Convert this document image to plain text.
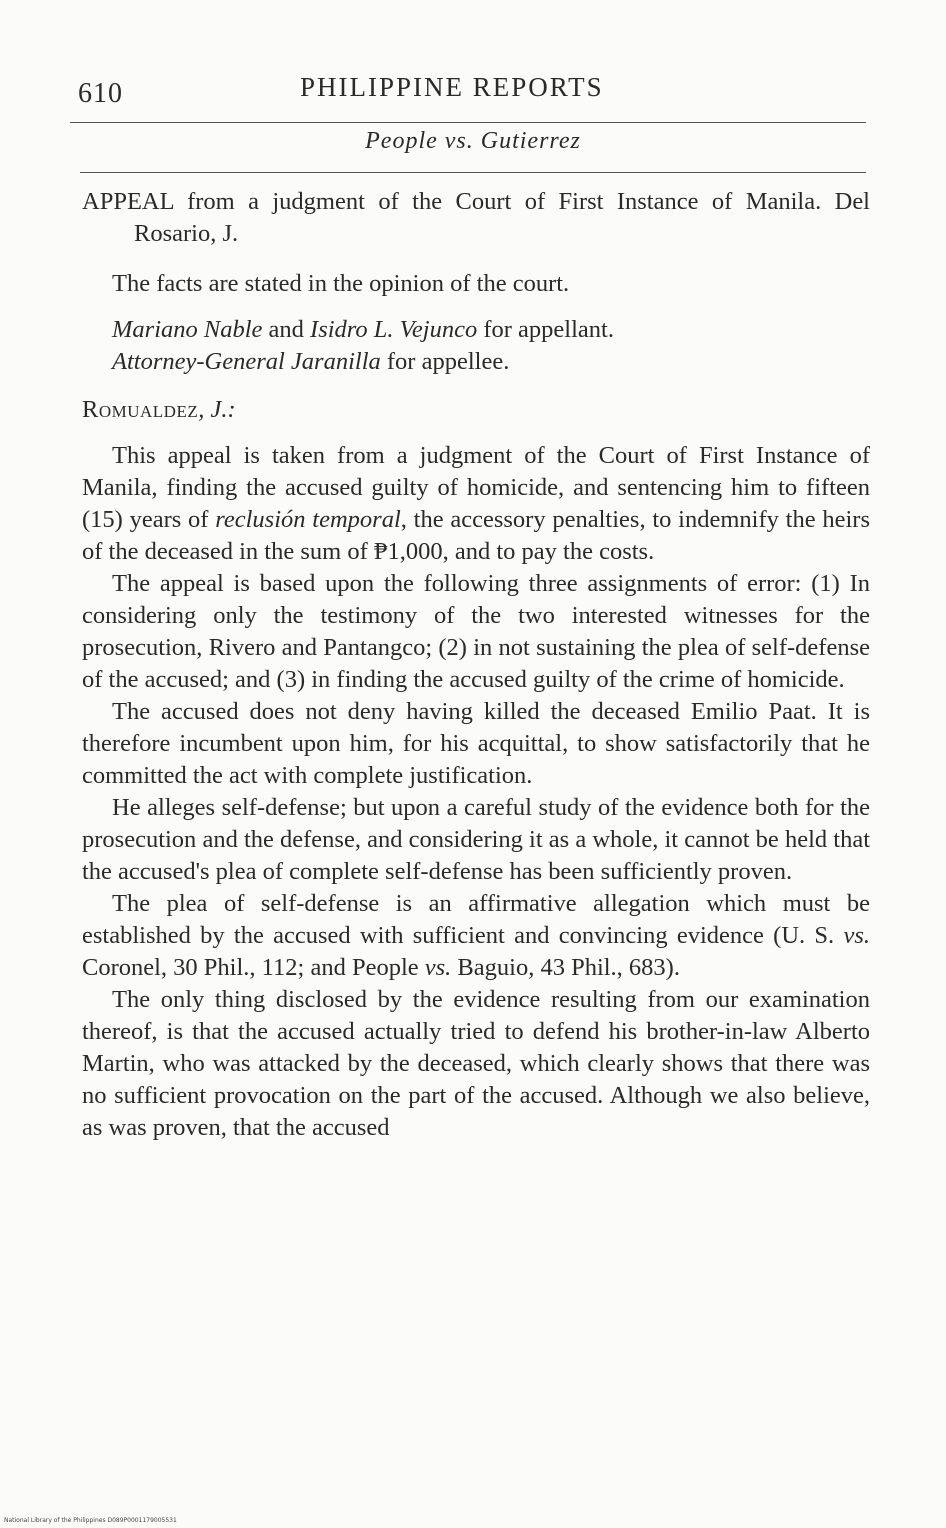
610	PHILIPPINE REPORTS
People vs. Gutierrez

APPEAL from a judgment of the Court of First Instance of Manila. Del Rosario, J.

The facts are stated in the opinion of the court.

Mariano Nable and Isidro L. Vejunco for appellant.

Attorney-General Jaranilla for appellee.

Romualdez, J.:

This appeal is taken from a judgment of the Court of First Instance of Manila, finding the accused guilty of homicide, and sentencing him to fifteen (15) years of reclusión temporal, the accessory penalties, to indemnify the heirs of the deceased in the sum of ₱1,000, and to pay the costs.

The appeal is based upon the following three assignments of error: (1) In considering only the testimony of the two interested witnesses for the prosecution, Rivero and Pantangco; (2) in not sustaining the plea of self-defense of the accused; and (3) in finding the accused guilty of the crime of homicide.

The accused does not deny having killed the deceased Emilio Paat. It is therefore incumbent upon him, for his acquittal, to show satisfactorily that he committed the act with complete justification.

He alleges self-defense; but upon a careful study of the evidence both for the prosecution and the defense, and considering it as a whole, it cannot be held that the accused's plea of complete self-defense has been sufficiently proven.

The plea of self-defense is an affirmative allegation which must be established by the accused with sufficient and convincing evidence (U. S. vs. Coronel, 30 Phil., 112; and People vs. Baguio, 43 Phil., 683).

The only thing disclosed by the evidence resulting from our examination thereof, is that the accused actually tried to defend his brother-in-law Alberto Martin, who was attacked by the deceased, which clearly shows that there was no sufficient provocation on the part of the accused. Although we also believe, as was proven, that the accused

National Library of the Philippines D089P0001179005531
